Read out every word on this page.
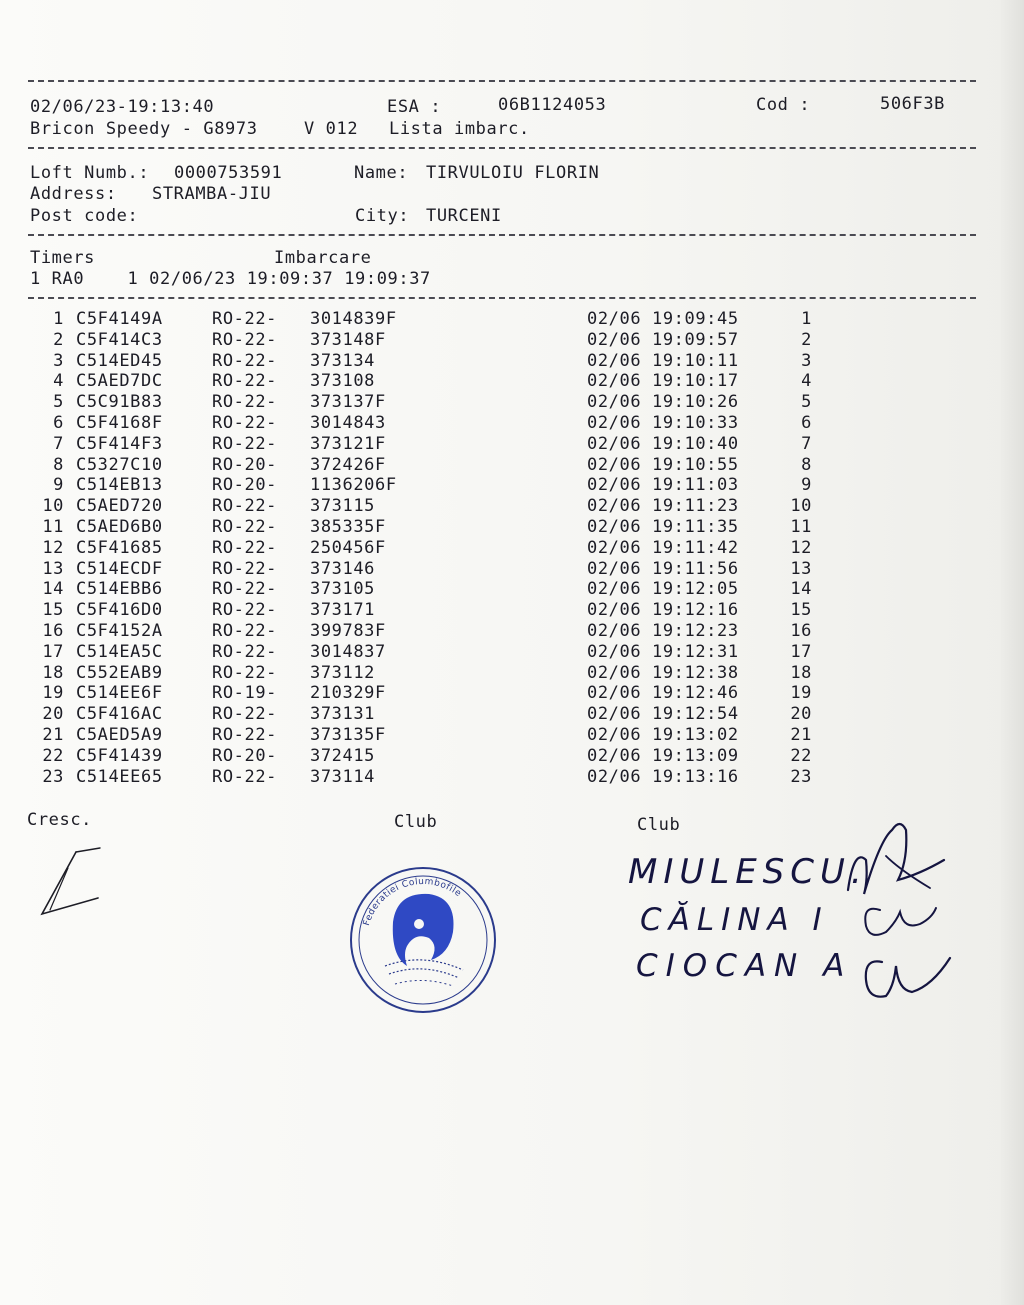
02/06/23-19:13:40	ESA :	06B1124053	Cod :	506F3B
Bricon Speedy - G8973	V 012 Lista imbarc.
Loft Numb.: 0000753591	Name: TIRVULOIU FLORIN
Address: STRAMBA-JIU
Post code:	City: TURCENI
Timers	Imbarcare
1 RA0    1 02/06/23 19:09:37 19:09:37
1 C5F4149A	RO-22- 3014839F	02/06 19:09:45	1
2 C5F414C3	RO-22- 373148F	02/06 19:09:57	2
3 C514ED45	RO-22- 373134	02/06 19:10:11	3
4 C5AED7DC	RO-22- 373108	02/06 19:10:17	4
5 C5C91B83	RO-22- 373137F	02/06 19:10:26	5
6 C5F4168F	RO-22- 3014843	02/06 19:10:33	6
7 C5F414F3	RO-22- 373121F	02/06 19:10:40	7
8 C5327C10	RO-20- 372426F	02/06 19:10:55	8
9 C514EB13	RO-20- 1136206F	02/06 19:11:03	9
10 C5AED720	RO-22- 373115	02/06 19:11:23	10
11 C5AED6B0	RO-22- 385335F	02/06 19:11:35	11
12 C5F41685	RO-22- 250456F	02/06 19:11:42	12
13 C514ECDF	RO-22- 373146	02/06 19:11:56	13
14 C514EBB6	RO-22- 373105	02/06 19:12:05	14
15 C5F416D0	RO-22- 373171	02/06 19:12:16	15
16 C5F4152A	RO-22- 399783F	02/06 19:12:23	16
17 C514EA5C	RO-22- 3014837	02/06 19:12:31	17
18 C552EAB9	RO-22- 373112	02/06 19:12:38	18
19 C514EE6F	RO-19- 210329F	02/06 19:12:46	19
20 C5F416AC	RO-22- 373131	02/06 19:12:54	20
21 C5AED5A9	RO-22- 373135F	02/06 19:13:02	21
22 C5F41439	RO-20- 372415	02/06 19:13:09	22
23 C514EE65	RO-22- 373114	02/06 19:13:16	23
Cresc.	Club	Club
Federatiei Columbofile
MIULESCU.
CĂLINA I
CIOCAN A
